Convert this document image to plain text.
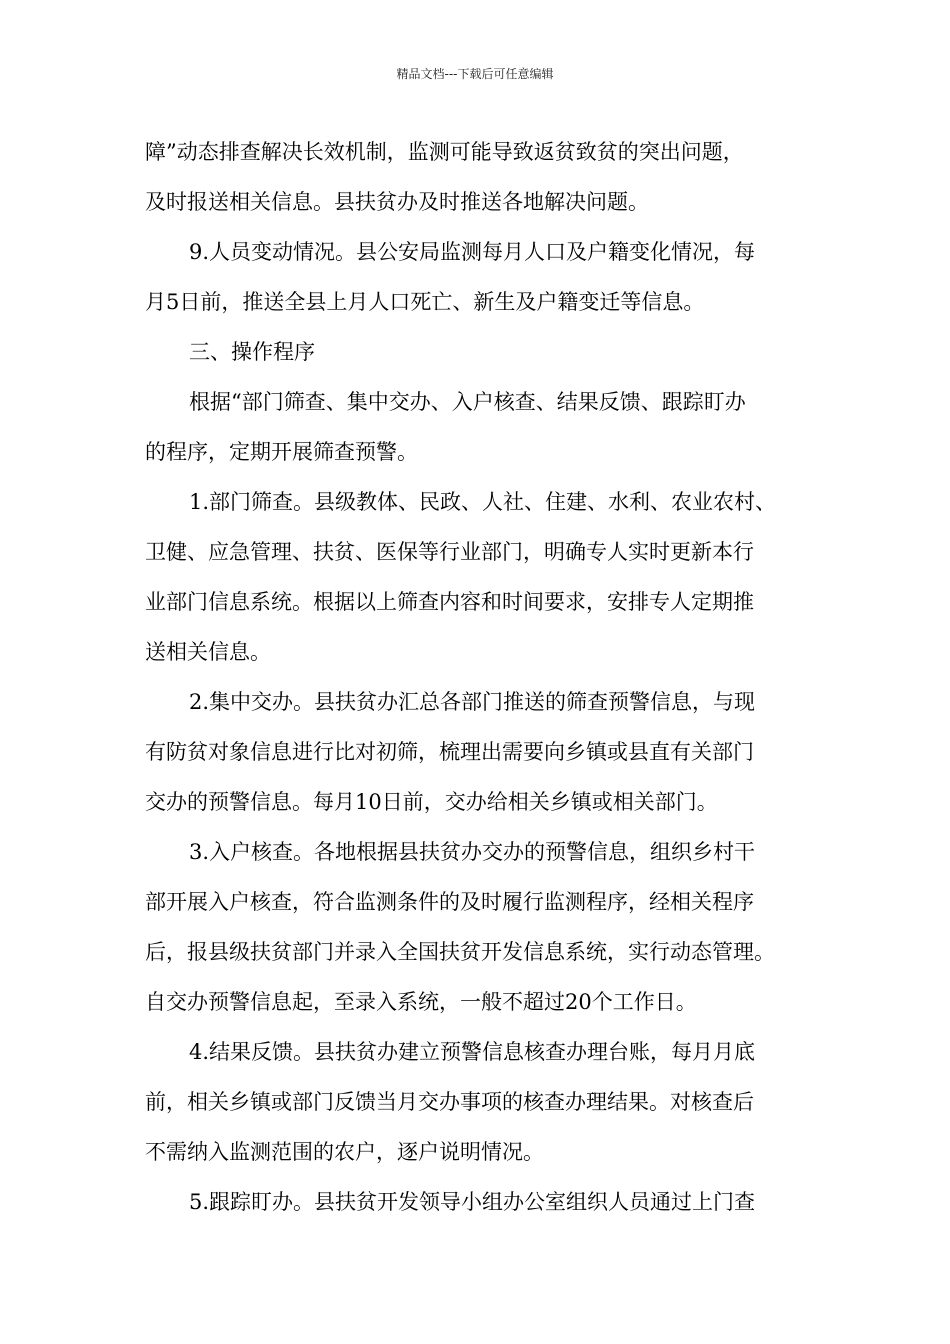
精品文档---下载后可任意编辑
障”动态排查解决长效机制，监测可能导致返贫致贫的突出问题，
及时报送相关信息。县扶贫办及时推送各地解决问题。
9.人员变动情况。县公安局监测每月人口及户籍变化情况，每
月5日前，推送全县上月人口死亡、新生及户籍变迁等信息。
三、操作程序
根据“部门筛查、集中交办、入户核查、结果反馈、跟踪盯办
的程序，定期开展筛查预警。
1.部门筛查。县级教体、民政、人社、住建、水利、农业农村、
卫健、应急管理、扶贫、医保等行业部门，明确专人实时更新本行
业部门信息系统。根据以上筛查内容和时间要求，安排专人定期推
送相关信息。
2.集中交办。县扶贫办汇总各部门推送的筛查预警信息，与现
有防贫对象信息进行比对初筛，梳理出需要向乡镇或县直有关部门
交办的预警信息。每月10日前，交办给相关乡镇或相关部门。
3.入户核查。各地根据县扶贫办交办的预警信息，组织乡村干
部开展入户核查，符合监测条件的及时履行监测程序，经相关程序
后，报县级扶贫部门并录入全国扶贫开发信息系统，实行动态管理。
自交办预警信息起，至录入系统，一般不超过20个工作日。
4.结果反馈。县扶贫办建立预警信息核查办理台账，每月月底
前，相关乡镇或部门反馈当月交办事项的核查办理结果。对核查后
不需纳入监测范围的农户，逐户说明情况。
5.跟踪盯办。县扶贫开发领导小组办公室组织人员通过上门查
